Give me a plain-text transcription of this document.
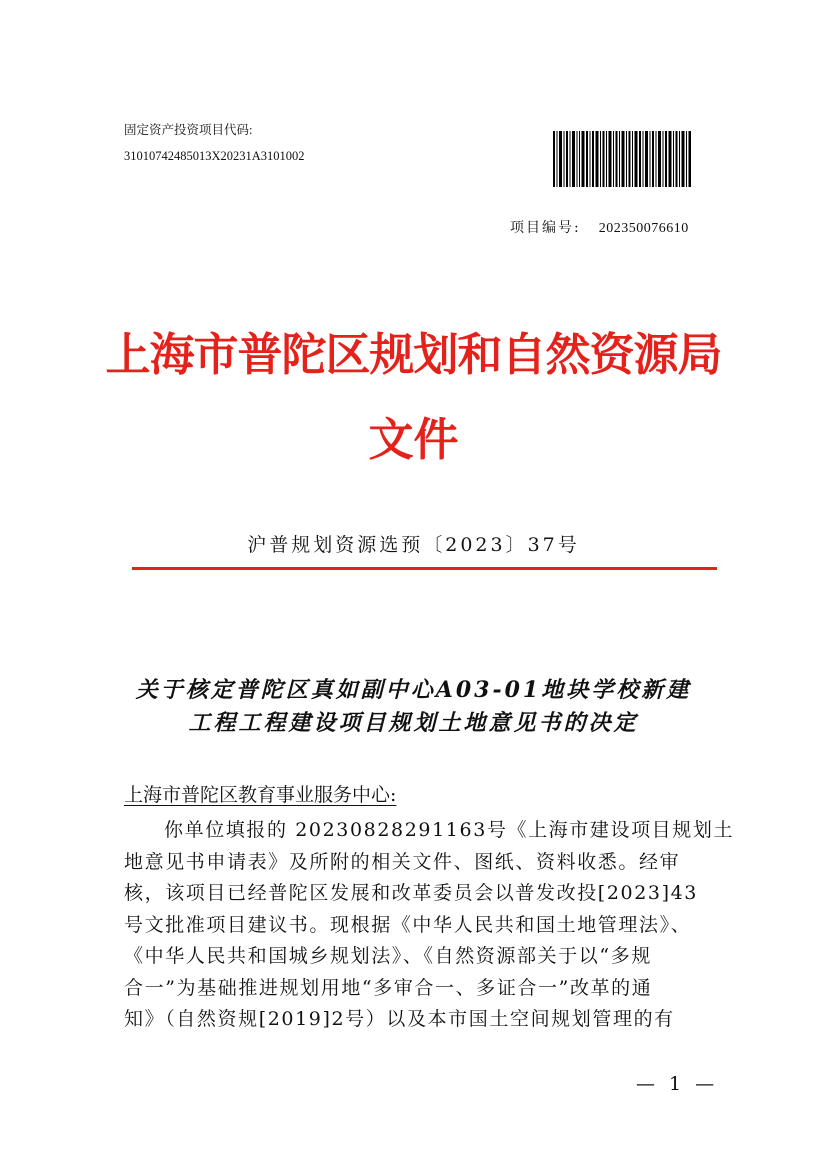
固定资产投资项目代码:
31010742485013X20231A3101002
项目编号: 202350076610
上海市普陀区规划和自然资源局
文件
沪普规划资源选预〔2023〕37号
关于核定普陀区真如副中心A03-01地块学校新建
工程工程建设项目规划土地意见书的决定
上海市普陀区教育事业服务中心:
你单位填报的 2023082829116​3号《上海市建设项目规划土
地意见书申请表》及所附的相关文件、图纸、资料收悉。经审
核，该项目已经普陀区发展和改革委员会以普发改投[2023]43
号文批准项目建议书。现根据《中华人民共和国土地管理法》、
《中华人民共和国城乡规划法》、《自然资源部关于以“多规
合一”为基础推进规划用地“多审合一、多证合一”改革的通
知》（自然资规[2019]2号）以及本市国土空间规划管理的有
— 1 —
